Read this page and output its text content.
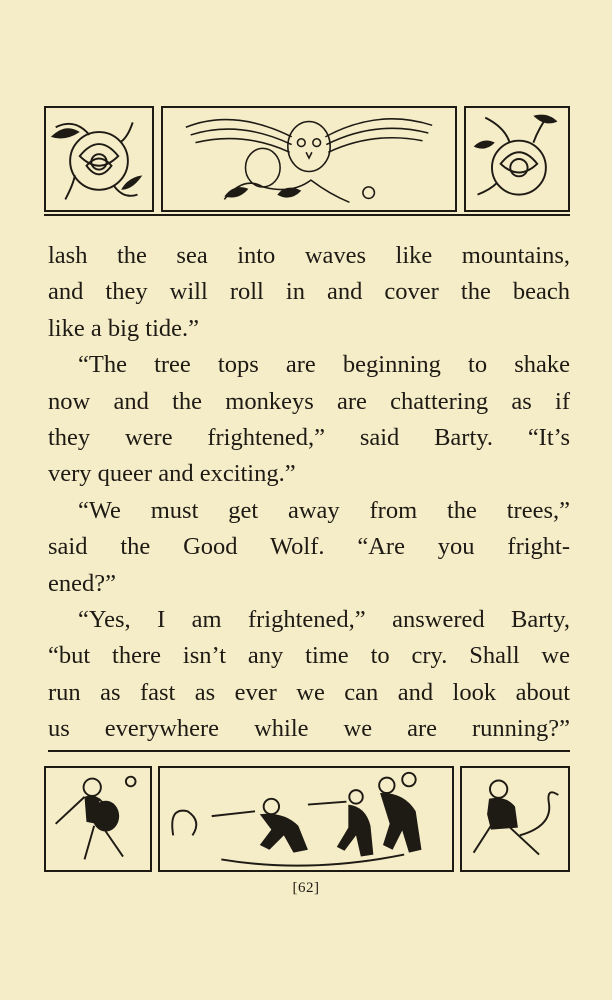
lash the sea into waves like mountains,
and they will roll in and cover the beach
like a big tide.”
“The tree tops are beginning to shake
now and the monkeys are chattering as if
they were frightened,” said Barty. “It’s
very queer and exciting.”
“We must get away from the trees,”
said the Good Wolf. “Are you fright-
ened?”
“Yes, I am frightened,” answered Barty,
“but there isn’t any time to cry. Shall we
run as fast as ever we can and look about
us everywhere while we are running?”
[62]
